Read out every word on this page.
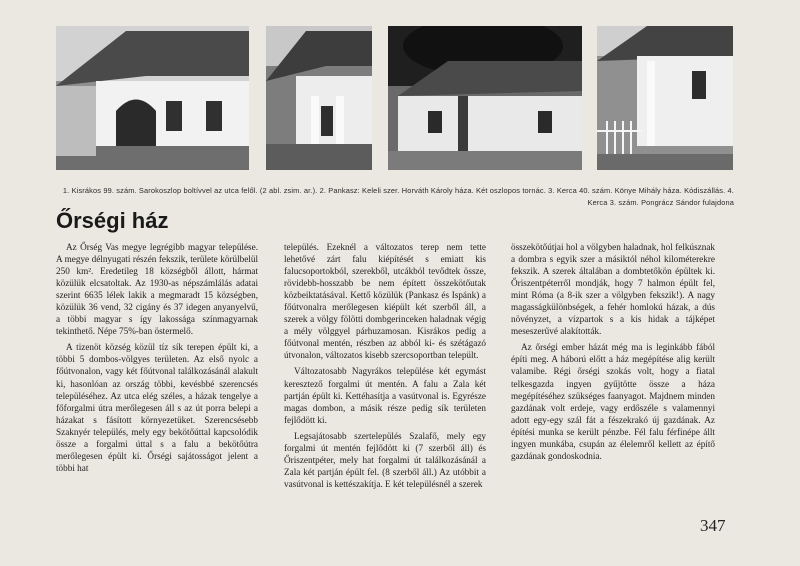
1. Kisrákos 99. szám. Sarokoszlop boltívvel az utca felől. (2 abl. zsim. ar.). 2. Pankasz: Keleli szer. Horváth Károly háza. Két oszlopos tornác. 3. Kerca 40. szám. Könye Mihály háza. Kódiszállás. 4. Kerca 3. szám. Pongrácz Sándor fulajdona
Őrségi ház

Az Őrség Vas megye legrégibb magyar települése. A megye délnyugati részén fekszik, területe körülbelül 250 km². Eredetileg 18 községből állott, hármat közülük elcsatoltak. Az 1930-as népszámlálás adatai szerint 6635 lélek lakik a megmaradt 15 községben, közülük 36 vend, 32 cigány és 37 idegen anyanyelvű, a többi magyar s így lakossága színmagyarnak tekinthető. Népe 75%-ban östermelő.

A tizenöt község közül tíz sík terepen épült ki, a többi 5 dombos-völgyes területen. Az első nyolc a főútvonalon, vagy két főútvonal találkozásánál alakult ki, hasonlóan az ország többi, kevésbbé szerencsés településéhez. Az utca elég széles, a házak tengelye a főforgalmi útra merőlegesen áll s az út porra belepi a házakat s fásított környezetüket. Szerencsésebb Szaknyér település, mely egy bekötőúttal kapcsolódik össze a forgalmi úttal s a falu a bekötőútra merőlegesen épült ki. Őrségi sajátosságot jelent a többi hat

település. Ezeknél a változatos terep nem tette lehetővé zárt falu kiépítését s emiatt kis falucsoportokból, szerekből, utcákból tevődtek össze, rövidebb-hosszabb be nem épített összekötőutak közbeiktatásával. Kettő közülük (Pankasz és Ispánk) a főútvonalra merőlegesen kiépült két szerből áll, a szerek a völgy fölötti dombgerinceken haladnak végig a mély völggyel párhuzamosan. Kisrákos pedig a főútvonal mentén, részben az abból ki- és szétágazó útvonalon, változatos kisebb szercsoportban települt.

Változatosabb Nagyrákos települése két egymást keresztező forgalmi út mentén. A falu a Zala két partján épült ki. Kettéhasítja a vasútvonal is. Egyrésze magas dombon, a másik része pedig sík területen fejlődött ki.

Legsajátosabb szertelepülés Szalafő, mely egy forgalmi út mentén fejlődött ki (7 szerből áll) és Őriszentpéter, mely hat forgalmi út találkozásánál a Zala két partján épült fel. (8 szerből áll.) Az utóbbit a vasútvonal is kettészakítja. E két településnél a szerek

összekötőútjai hol a völgyben haladnak, hol felkúsznak a dombra s egyik szer a másiktól néhol kilométerekre fekszik. A szerek általában a dombtetőkön épültek ki. Őriszentpéterről mondják, hogy 7 halmon épült fel, mint Róma (a 8-ik szer a völgyben fekszik!). A nagy magasságkülönbségek, a fehér homlokú házak, a dús növényzet, a vízpartok s a kis hidak a tájképet meseszerűvé alakították.

Az őrségi ember házát még ma is leginkább fából építi meg. A háború előtt a ház megépítése alig került valamibe. Régi őrségi szokás volt, hogy a fiatal telkesgazda ingyen gyűjtötte össze a háza megépítéséhez szükséges faanyagot. Majdnem minden gazdának volt erdeje, vagy erdőszéle s valamennyi adott egy-egy szál fát a fészekrakó új gazdának. Az építési munka se került pénzbe. Fél falu férfinépe állt ingyen munkába, csupán az élelemről kellett az építő gazdának gondoskodnia.

347
